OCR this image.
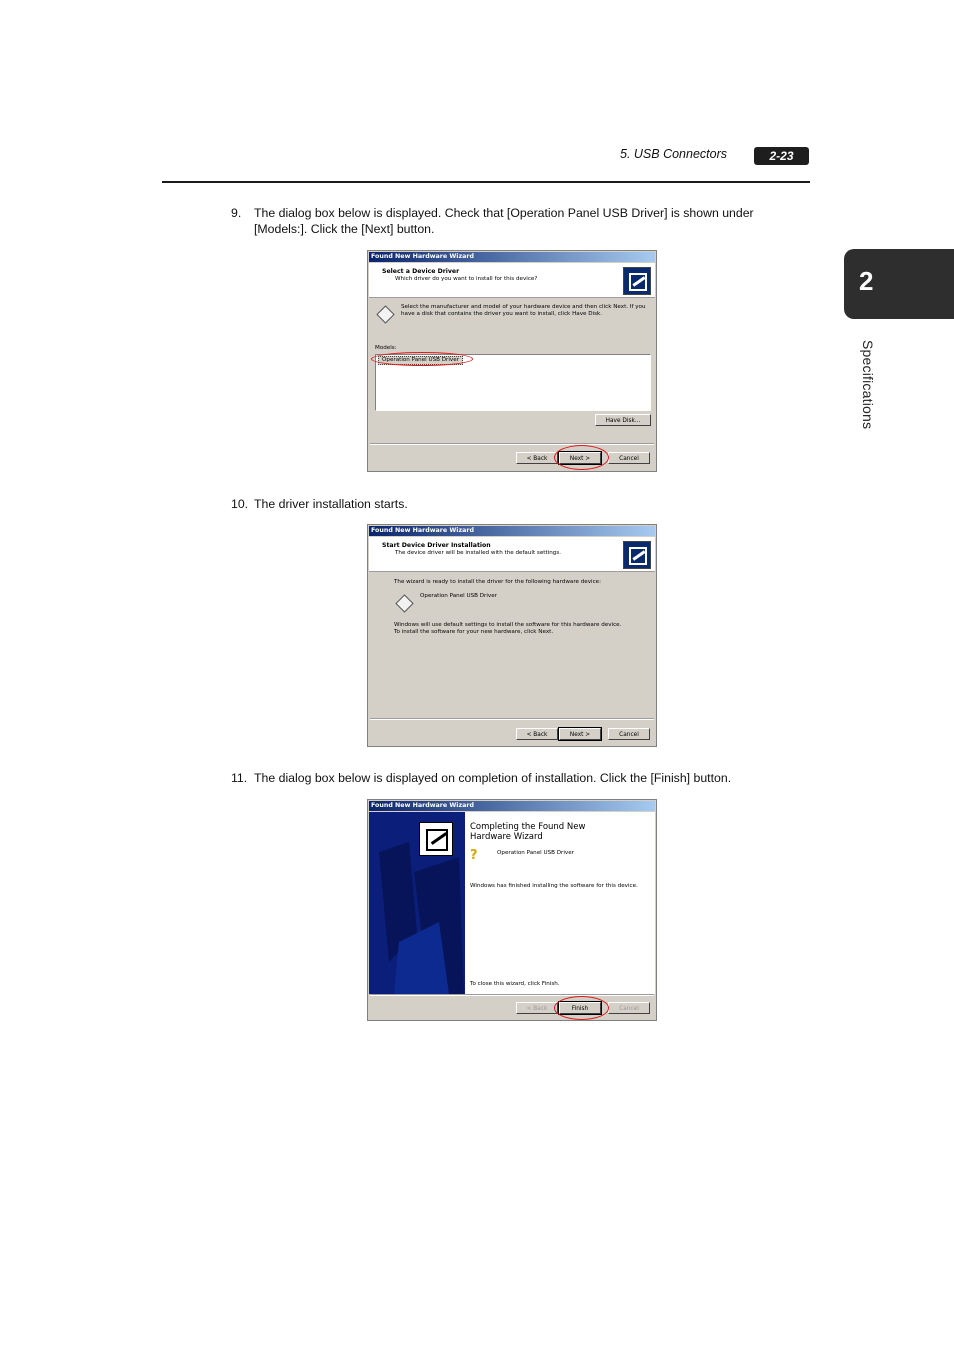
5. USB Connectors	2-23
2
Specifications
9. The dialog box below is displayed. Check that [Operation Panel USB Driver] is shown under [Models:]. Click the [Next] button.
Found New Hardware Wizard
Select a Device Driver
Which driver do you want to install for this device?
Select the manufacturer and model of your hardware device and then click Next. If you have a disk that contains the driver you want to install, click Have Disk.
Models:
Operation Panel USB Driver
Have Disk...
< Back	Next >	Cancel
10. The driver installation starts.
Found New Hardware Wizard
Start Device Driver Installation
The device driver will be installed with the default settings.
The wizard is ready to install the driver for the following hardware device:
Operation Panel USB Driver
Windows will use default settings to install the software for this hardware device. To install the software for your new hardware, click Next.
< Back	Next >	Cancel
11. The dialog box below is displayed on completion of installation. Click the [Finish] button.
Found New Hardware Wizard
Completing the Found New Hardware Wizard
?	Operation Panel USB Driver
Windows has finished installing the software for this device.
To close this wizard, click Finish.
< Back	Finish	Cancel
